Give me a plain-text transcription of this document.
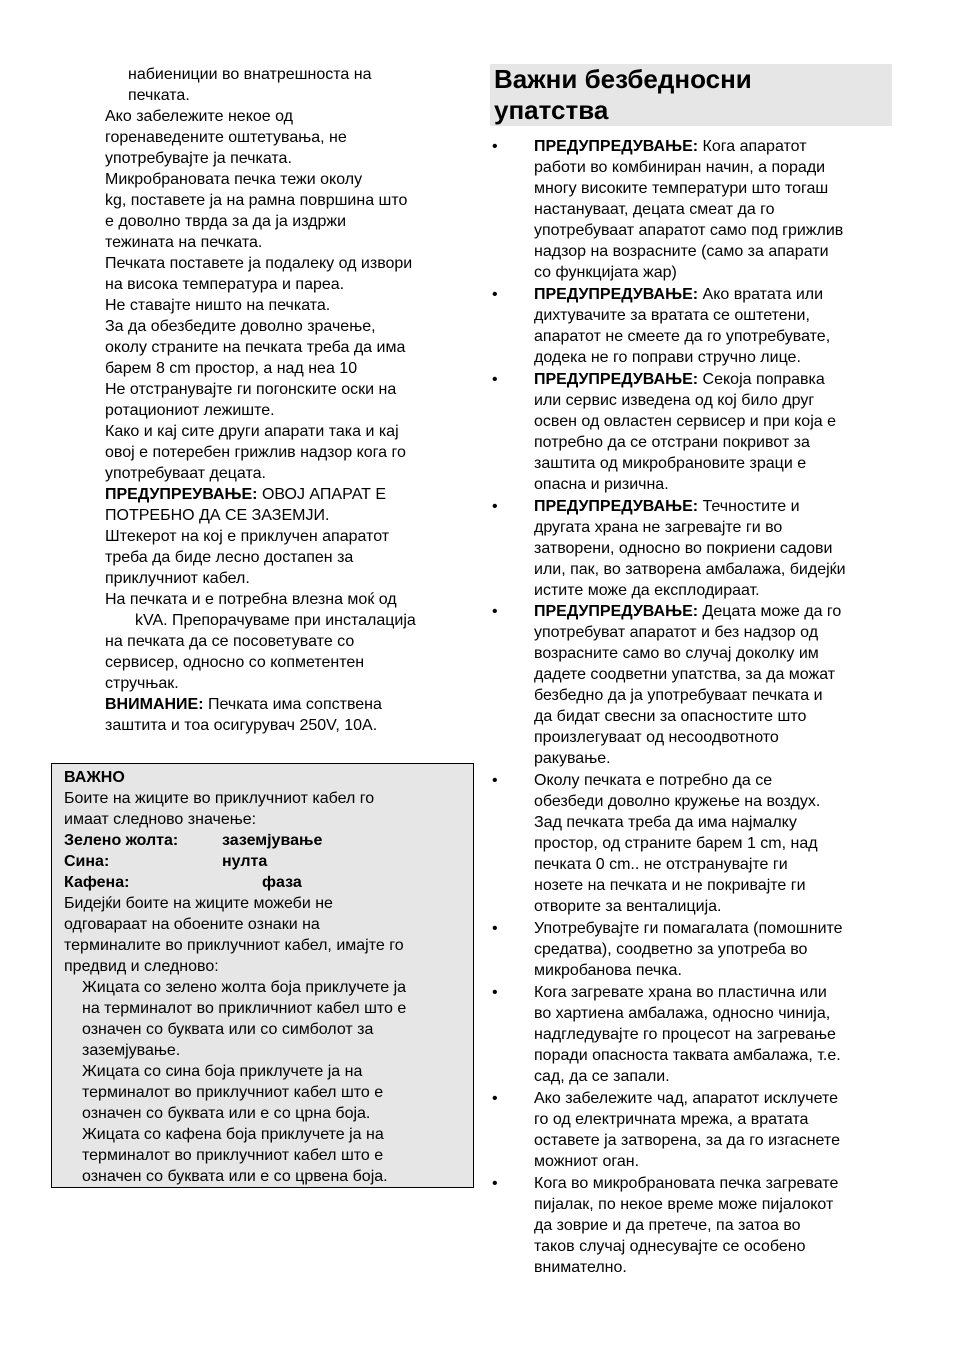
набиениции во внатрешноста на
печката.
Ако забележите некое од
горенаведените оштетувања, не
употребувајте ја печката.
Микробрановата печка тежи околу
kg, поставете ја на рамна површина што
е доволно тврда за да ја издржи
тежината на печката.
Печката поставете ја подалеку од извори
на висока температура и пареа.
Не ставајте ништо на печката.
За да обезбедите доволно зрачење,
околу страните на печката треба да има
барем 8 cm простор, а над неа 10
Не отстранувајте ги погонските оски на
ротациониот лежиште.
Како и кај сите други апарати така и кај
овој е потеребен грижлив надзор кога го
употребуваат децата.
ПРЕДУПРЕУВАЊЕ: ОВОЈ АПАРАТ Е
ПОТРЕБНО ДА СЕ ЗАЗЕМЈИ.
Штекерот на кој е приклучен апаратот
треба да биде лесно достапен за
приклучниот кабел.
На печката и е потребна влезна моќ од
kVA. Препорачуваме при инсталација
на печката да се посоветувате со
сервисер, односно со копметентен
стручњак.
ВНИМАНИЕ: Печката има сопствена
заштита и тоа осигурувач 250V, 10A.
ВАЖНО
Боите на жиците во приклучниот кабел го
имаат следново значење:
Зелено жолта:	заземјување
Сина:	нулта
Кафена:	фаза
Бидејќи боите на жиците можеби не
одговараат на обоените ознаки на
терминалите во приклучниот кабел, имајте го
предвид и следново:
Жицата со зелено жолта боја приклучете ја
на терминалот во прикличниот кабел што е
означен со буквата или со симболот за
заземјување.
Жицата со сина боја приклучете ја на
терминалот во приклучниот кабел што е
означен со буквата или е со црна боја.
Жицата со кафена боја приклучете ја на
терминалот во приклучниот кабел што е
означен со буквата или е со црвена боја.
Важни безбедносни
упатства
• ПРЕДУПРЕДУВАЊЕ: Кога апаратот
работи во комбиниран начин, а поради
многу високите температури што тогаш
настануваат, децата смеат да го
употребуваат апаратот само под грижлив
надзор на возрасните (само за апарати
со функцијата жар)
• ПРЕДУПРЕДУВАЊЕ: Ако вратата или
дихтувачите за вратата се оштетени,
апаратот не смеете да го употребувате,
додека не го поправи стручно лице.
• ПРЕДУПРЕДУВАЊЕ: Секоја поправка
или сервис изведена од кој било друг
освен од овластен сервисер и при која е
потребно да се отстрани покривот за
заштита од микробрановите зраци е
опасна и ризична.
• ПРЕДУПРЕДУВАЊЕ: Течностите и
другата храна не загревајте ги во
затворени, односно во покриени садови
или, пак, во затворена амбалажа, бидејќи
истите може да експлодираат.
• ПРЕДУПРЕДУВАЊЕ: Децата може да го
употребуват апаратот и без надзор од
возрасните само во случај доколку им
дадете соодветни упатства, за да можат
безбедно да ја употребуваат печката и
да бидат свесни за опасностите што
произлегуваат од несоодвотното
ракување.
• Околу печката е потребно да се
обезбеди доволно кружење на воздух.
Зад печката треба да има најмалку
простор, од страните барем 1 cm, над
печката 0 cm.. не отстранувајте ги
нозете на печката и не покривајте ги
отворите за венталиција.
• Употребувајте ги помагалата (помошните
средатва), соодветно за употреба во
микробанова печка.
• Кога загревате храна во пластична или
во хартиена амбалажа, односно чинија,
надгледувајте го процесот на загревање
поради опасноста таквата амбалажа, т.е.
сад, да се запали.
• Ако забележите чад, апаратот исклучете
го од електричната мрежа, а вратата
оставете ја затворена, за да го изгаснете
можниот оган.
• Кога во микробрановата печка загревате
пијалак, по некое време може пијалокот
да зоврие и да претече, па затоа во
таков случај однесувајте се особено
внимателно.
